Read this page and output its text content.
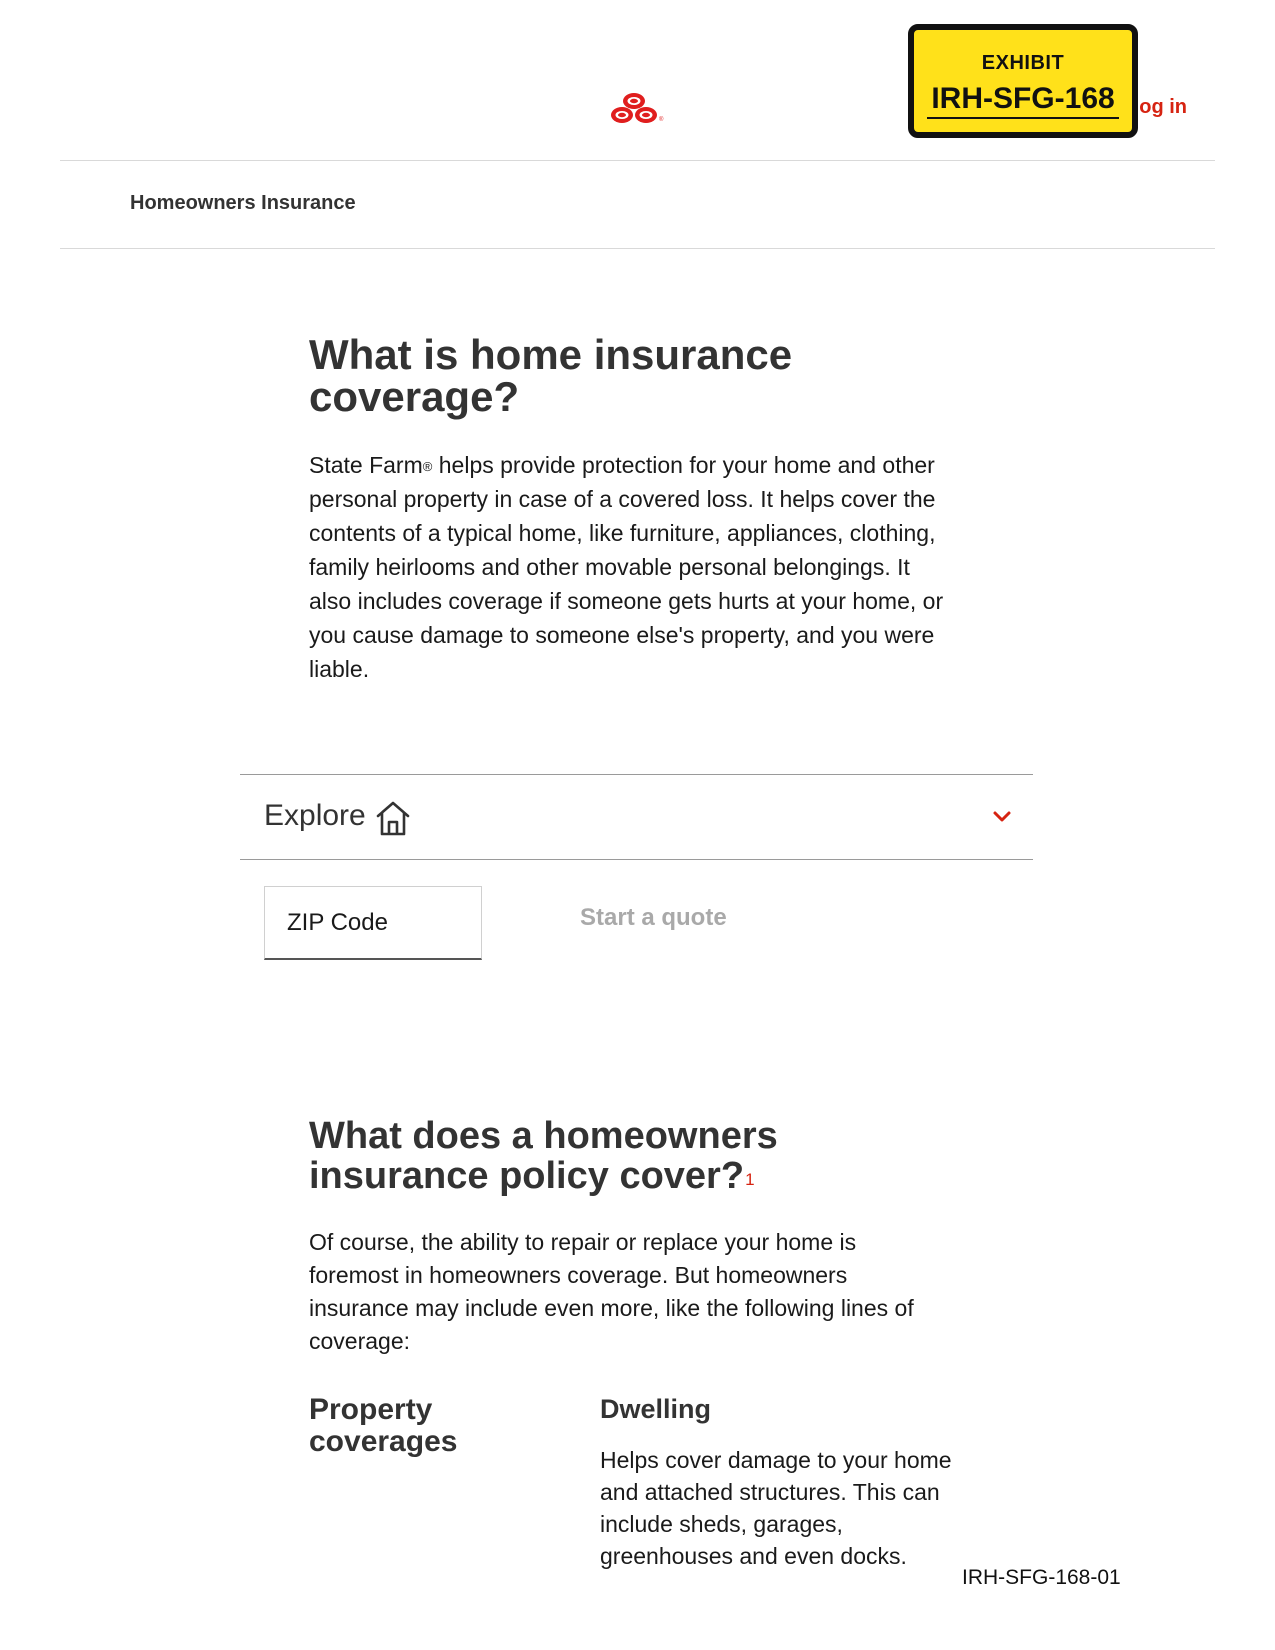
®
og in
EXHIBIT
IRH-SFG-168
Homeowners Insurance
What is home insurance coverage?

State Farm® helps provide protection for your home and other personal property in case of a covered loss. It helps cover the contents of a typical home, like furniture, appliances, clothing, family heirlooms and other movable personal belongings. It also includes coverage if someone gets hurts at your home, or you cause damage to someone else's property, and you were liable.

Explore
ZIP Code
Start a quote
What does a homeowners insurance policy cover?$^1$

Of course, the ability to repair or replace your home is foremost in homeowners coverage. But homeowners insurance may include even more, like the following lines of coverage:

Property coverages
Dwelling

Helps cover damage to your home and attached structures. This can include sheds, garages, greenhouses and even docks.

IRH-SFG-168-01
